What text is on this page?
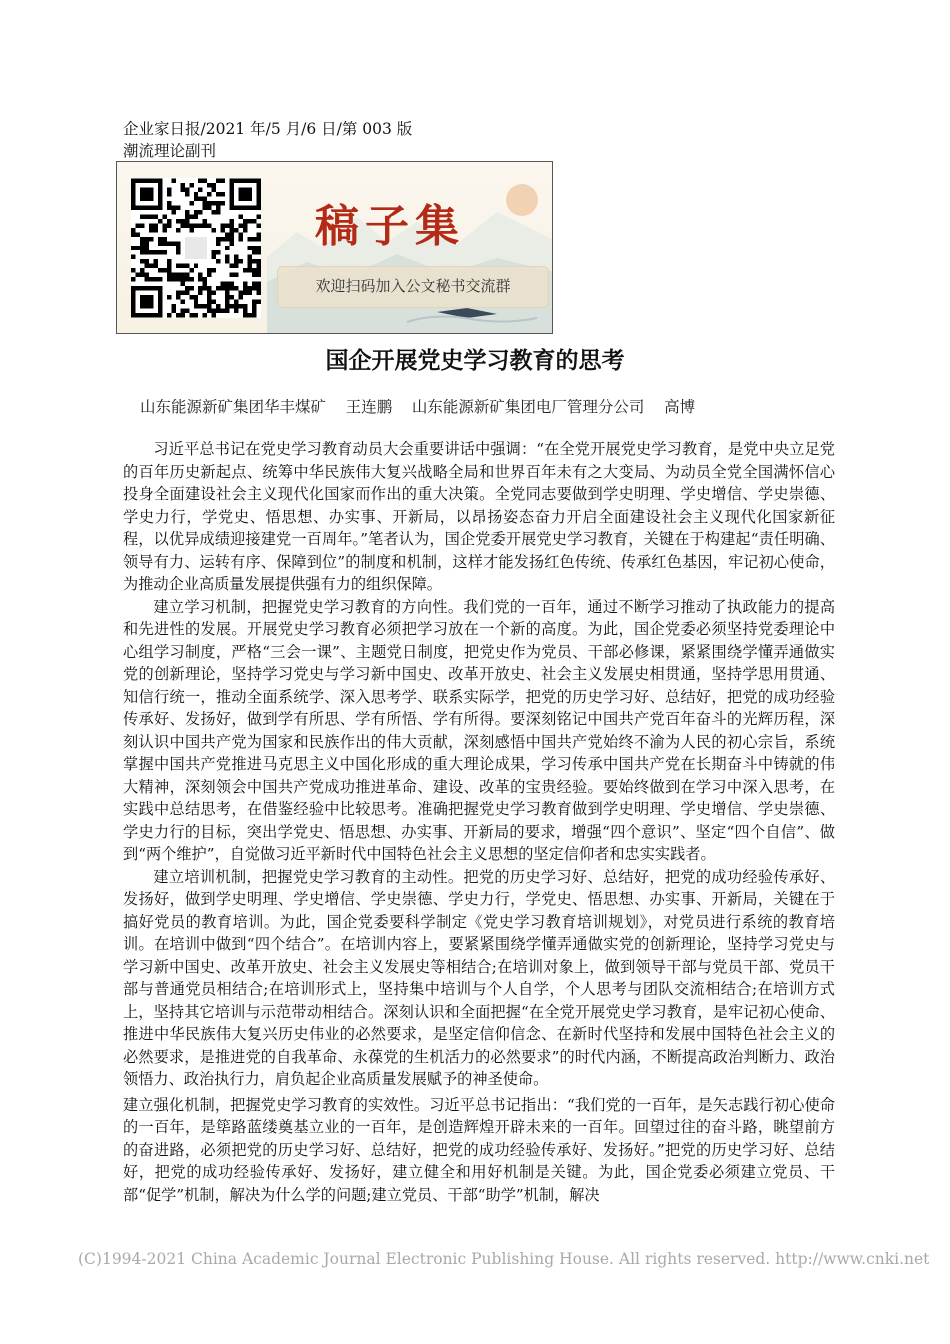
企业家日报/2021 年/5 月/6 日/第 003 版
潮流理论副刊
稿子集
欢迎扫码加入公文秘书交流群
国企开展党史学习教育的思考
山东能源新矿集团华丰煤矿    王连鹏    山东能源新矿集团电厂管理分公司    高博

习近平总书记在党史学习教育动员大会重要讲话中强调：“在全党开展党史学习教育，是党中央立足党的百年历史新起点、统筹中华民族伟大复兴战略全局和世界百年未有之大变局、为动员全党全国满怀信心投身全面建设社会主义现代化国家而作出的重大决策。全党同志要做到学史明理、学史增信、学史崇德、学史力行，学党史、悟思想、办实事、开新局，以昂扬姿态奋力开启全面建设社会主义现代化国家新征程，以优异成绩迎接建党一百周年。”笔者认为，国企党委开展党史学习教育，关键在于构建起“责任明确、领导有力、运转有序、保障到位”的制度和机制，这样才能发扬红色传统、传承红色基因，牢记初心使命，为推动企业高质量发展提供强有力的组织保障。

建立学习机制，把握党史学习教育的方向性。我们党的一百年，通过不断学习推动了执政能力的提高和先进性的发展。开展党史学习教育必须把学习放在一个新的高度。为此，国企党委必须坚持党委理论中心组学习制度，严格“三会一课”、主题党日制度，把党史作为党员、干部必修课，紧紧围绕学懂弄通做实党的创新理论，坚持学习党史与学习新中国史、改革开放史、社会主义发展史相贯通，坚持学思用贯通、知信行统一，推动全面系统学、深入思考学、联系实际学，把党的历史学习好、总结好，把党的成功经验传承好、发扬好，做到学有所思、学有所悟、学有所得。要深刻铭记中国共产党百年奋斗的光辉历程，深刻认识中国共产党为国家和民族作出的伟大贡献，深刻感悟中国共产党始终不渝为人民的初心宗旨，系统掌握中国共产党推进马克思主义中国化形成的重大理论成果，学习传承中国共产党在长期奋斗中铸就的伟大精神，深刻领会中国共产党成功推进革命、建设、改革的宝贵经验。要始终做到在学习中深入思考，在实践中总结思考，在借鉴经验中比较思考。准确把握党史学习教育做到学史明理、学史增信、学史崇德、学史力行的目标，突出学党史、悟思想、办实事、开新局的要求，增强“四个意识”、坚定“四个自信”、做到“两个维护”，自觉做习近平新时代中国特色社会主义思想的坚定信仰者和忠实实践者。

建立培训机制，把握党史学习教育的主动性。把党的历史学习好、总结好，把党的成功经验传承好、发扬好，做到学史明理、学史增信、学史崇德、学史力行，学党史、悟思想、办实事、开新局，关键在于搞好党员的教育培训。为此，国企党委要科学制定《党史学习教育培训规划》，对党员进行系统的教育培训。在培训中做到“四个结合”。在培训内容上，要紧紧围绕学懂弄通做实党的创新理论，坚持学习党史与学习新中国史、改革开放史、社会主义发展史等相结合;在培训对象上，做到领导干部与党员干部、党员干部与普通党员相结合;在培训形式上，坚持集中培训与个人自学，个人思考与团队交流相结合;在培训方式上，坚持其它培训与示范带动相结合。深刻认识和全面把握“在全党开展党史学习教育，是牢记初心使命、推进中华民族伟大复兴历史伟业的必然要求，是坚定信仰信念、在新时代坚持和发展中国特色社会主义的必然要求，是推进党的自我革命、永葆党的生机活力的必然要求”的时代内涵，不断提高政治判断力、政治领悟力、政治执行力，肩负起企业高质量发展赋予的神圣使命。

建立强化机制，把握党史学习教育的实效性。习近平总书记指出：“我们党的一百年，是矢志践行初心使命的一百年，是筚路蓝缕奠基立业的一百年，是创造辉煌开辟未来的一百年。回望过往的奋斗路，眺望前方的奋进路，必须把党的历史学习好、总结好，把党的成功经验传承好、发扬好。”把党的历史学习好、总结好，把党的成功经验传承好、发扬好，建立健全和用好机制是关键。为此，国企党委必须建立党员、干部“促学”机制，解决为什么学的问题;建立党员、干部“助学”机制，解决

(C)1994-2021 China Academic Journal Electronic Publishing House. All rights reserved. http://www.cnki.net
